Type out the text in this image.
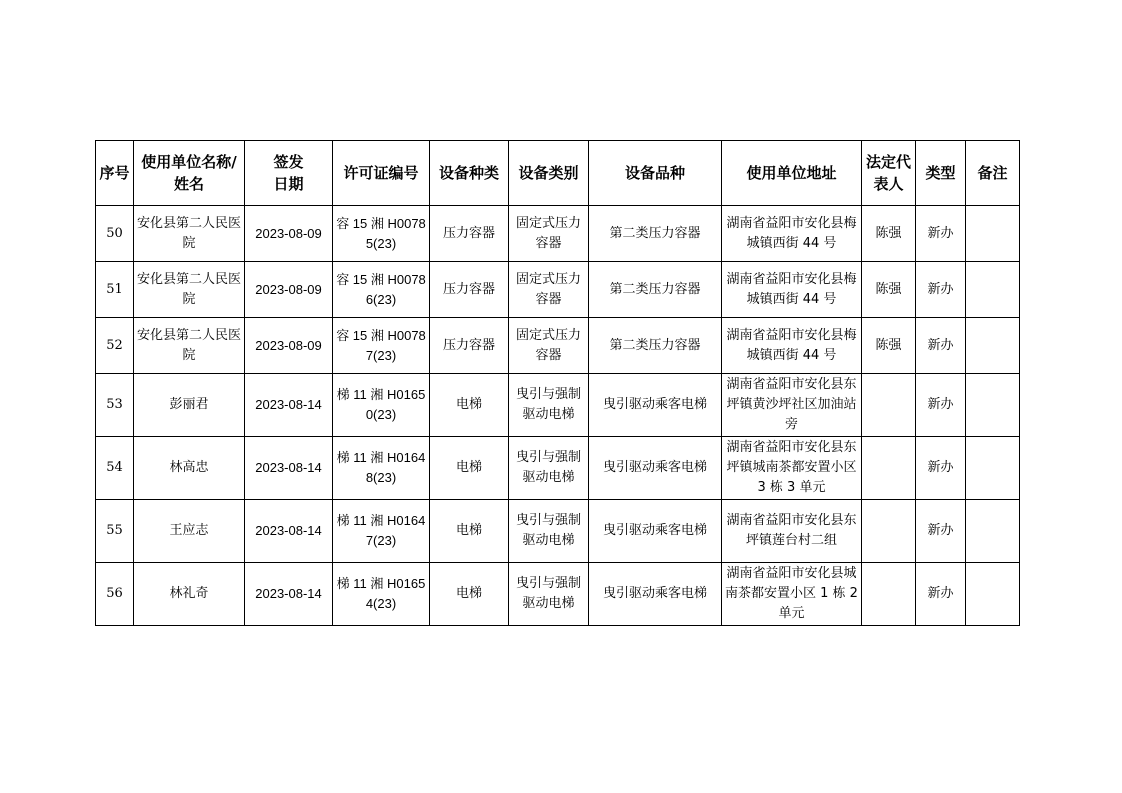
序号	使用单位名称/姓名	签发日期	许可证编号	设备种类	设备类别	设备品种	使用单位地址	法定代表人	类型	备注
50	安化县第二人民医院	2023-08-09	容 15 湘 H00785(23)	压力容器	固定式压力容器	第二类压力容器	湖南省益阳市安化县梅城镇西街 44 号	陈强	新办	
51	安化县第二人民医院	2023-08-09	容 15 湘 H00786(23)	压力容器	固定式压力容器	第二类压力容器	湖南省益阳市安化县梅城镇西街 44 号	陈强	新办	
52	安化县第二人民医院	2023-08-09	容 15 湘 H00787(23)	压力容器	固定式压力容器	第二类压力容器	湖南省益阳市安化县梅城镇西街 44 号	陈强	新办	
53	彭丽君	2023-08-14	梯 11 湘 H01650(23)	电梯	曳引与强制驱动电梯	曳引驱动乘客电梯	湖南省益阳市安化县东坪镇黄沙坪社区加油站旁		新办	
54	林高忠	2023-08-14	梯 11 湘 H01648(23)	电梯	曳引与强制驱动电梯	曳引驱动乘客电梯	湖南省益阳市安化县东坪镇城南茶都安置小区 3 栋 3 单元		新办	
55	王应志	2023-08-14	梯 11 湘 H01647(23)	电梯	曳引与强制驱动电梯	曳引驱动乘客电梯	湖南省益阳市安化县东坪镇莲台村二组		新办	
56	林礼奇	2023-08-14	梯 11 湘 H01654(23)	电梯	曳引与强制驱动电梯	曳引驱动乘客电梯	湖南省益阳市安化县城南茶都安置小区 1 栋 2 单元		新办	
